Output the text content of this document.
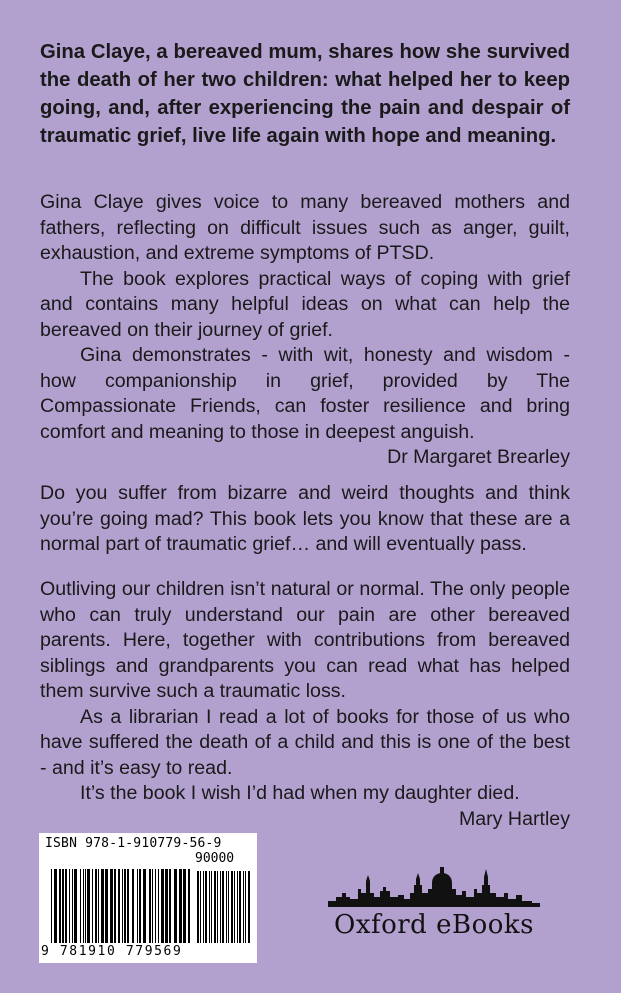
Gina Claye, a bereaved mum, shares how she survived the death of her two children: what helped her to keep going, and, after experiencing the pain and despair of traumatic grief, live life again with hope and meaning.

Gina Claye gives voice to many bereaved mothers and fathers, reflecting on difficult issues such as anger, guilt, exhaustion, and extreme symptoms of PTSD.

The book explores practical ways of coping with grief and contains many helpful ideas on what can help the bereaved on their journey of grief.

Gina demonstrates - with wit, honesty and wisdom - how companionship in grief, provided by The Compassionate Friends, can foster resilience and bring comfort and meaning to those in deepest anguish.

Dr Margaret Brearley

Do you suffer from bizarre and weird thoughts and think you’re going mad? This book lets you know that these are a normal part of traumatic grief… and will eventually pass.

Outliving our children isn’t natural or normal. The only people who can truly understand our pain are other bereaved parents. Here, together with contributions from bereaved siblings and grandparents you can read what has helped them survive such a traumatic loss.

As a librarian I read a lot of books for those of us who have suffered the death of a child and this is one of the best - and it’s easy to read.

It’s the book I wish I’d had when my daughter died.

Mary Hartley

ISBN 978-1-910779-56-9
90000
9 781910 779569
Oxford eBooks
